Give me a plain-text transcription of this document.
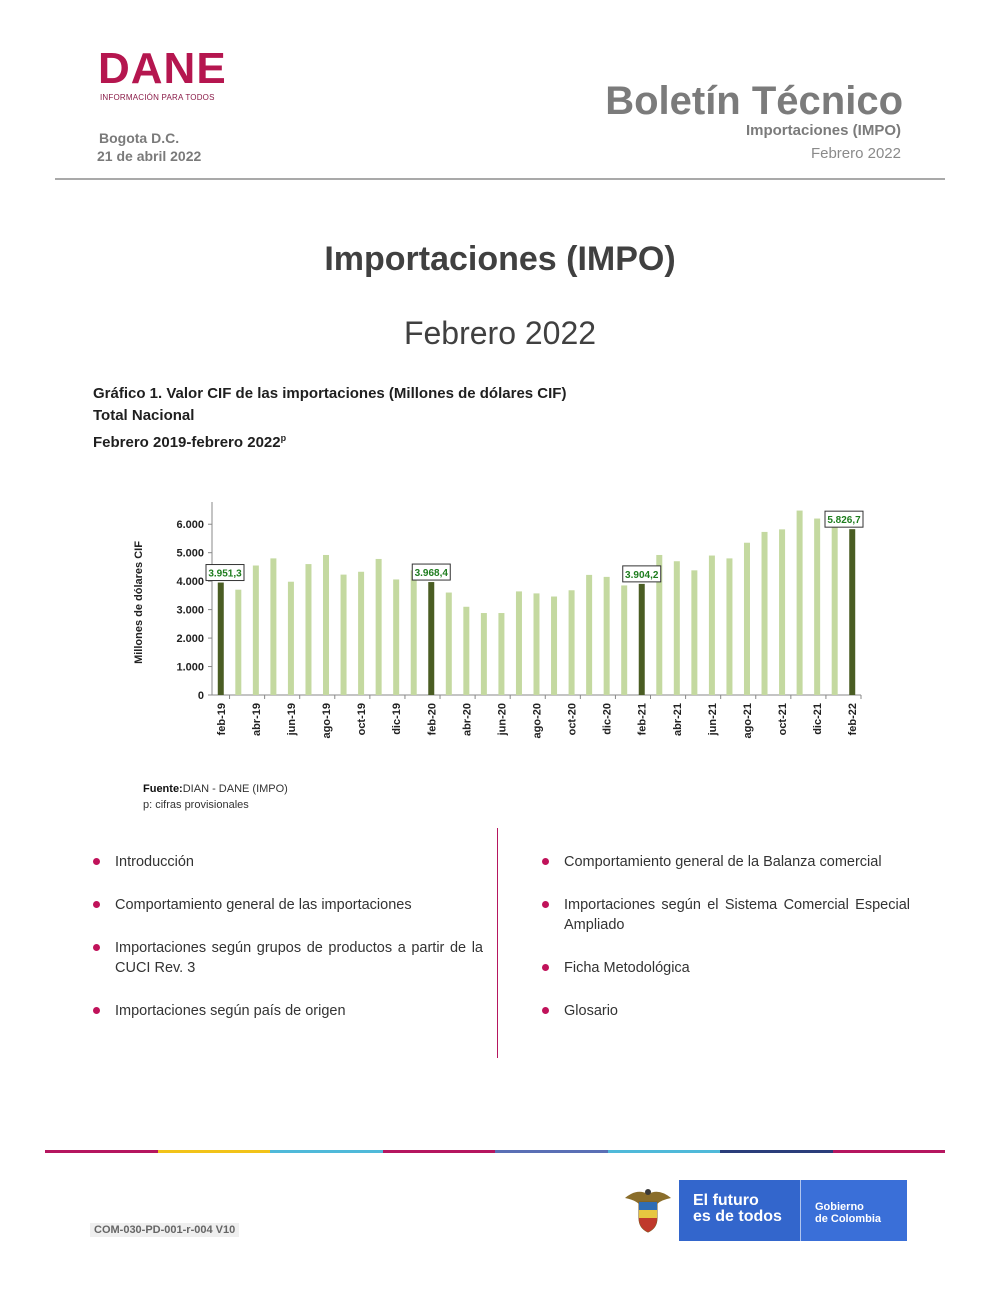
DANE
INFORMACIÓN PARA TODOS
Bogota D.C.
21 de abril 2022
Boletín Técnico
Importaciones (IMPO)
Febrero 2022
Importaciones (IMPO)
Febrero 2022
Gráfico 1. Valor CIF de las importaciones (Millones de dólares CIF)
Total Nacional
Febrero 2019-febrero 2022$^p$
Millones de dólares CIF
0
1.000
2.000
3.000
4.000
5.000
6.000
feb-19 abr-19 jun-19 ago-19 oct-19 dic-19 feb-20 abr-20 jun-20 ago-20 oct-20 dic-20 feb-21 abr-21 jun-21 ago-21 oct-21 dic-21 feb-22
3.951,3	3.968,4	3.904,2
5.826,7
Fuente:DIAN - DANE (IMPO)
p: cifras provisionales
Introducción
Comportamiento general de las importaciones
Importaciones según grupos de productos a partir de la CUCI Rev. 3
Importaciones según país de origen
Comportamiento general de la Balanza comercial
Importaciones según el Sistema Comercial Especial Ampliado
Ficha Metodológica
Glosario
COM-030-PD-001-r-004 V10
El futuro
es de todos
Gobierno
de Colombia
